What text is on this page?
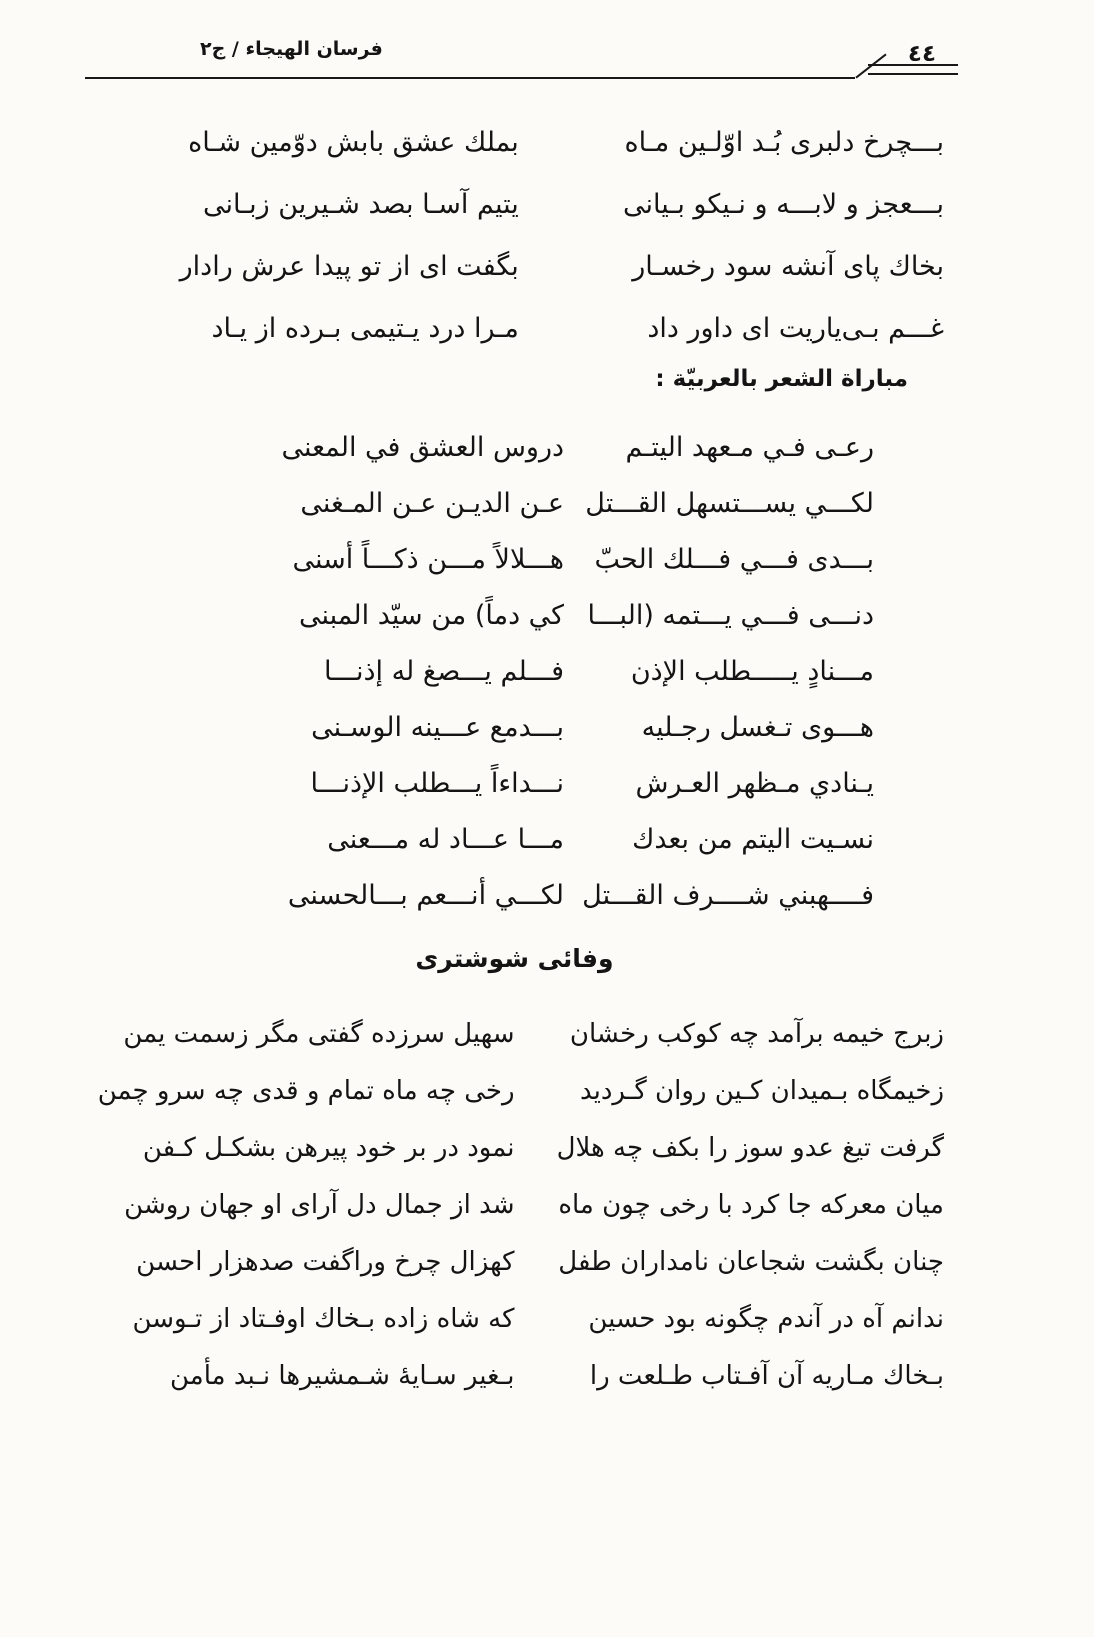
فرسان الهيجاء / ج٢	٤٤
بـــچرخ دلبرى بُـد اوّلـين مـاه
بملك عشق بابش دوّمين شـاه
بـــعجز و لابـــه و نـيكو بـيانى
يتيم آسـا بصد شـيرين زبـانى
بخاك پاى آنشه سود رخسـار
بگفت اى از تو پيدا عرش رادار
غـــم بـى‌ياريت اى داور داد
مـرا درد يـتيمى بـرده از يـاد
مباراة الشعر بالعربيّة :
رعـى فـي مـعهد اليتـم
دروس العشق في المعنى
لكـــي يســـتسهل القـــتل
عـن الديـن عـن المـغنى
بـــدى فـــي فـــلك الحبّ
هـــلالاً مـــن ذكـــاً أسنى
دنـــى فـــي يـــتمه (البـــا
كي دماً) من سيّد المبنى
مـــنادٍ يـــــطلب الإذن
فـــلم يـــصغ له إذنـــا
هـــوى تـغسل رجـليه
بـــدمع عـــينه الوسـنى
يـنادي مـظهر العـرش
نـــداءاً يـــطلب الإذنـــا
نسـيت اليتم من بعدك
مـــا عـــاد له مـــعنى
فــــهبني شــــرف القـــتل
لكـــي أنـــعم بـــالحسنى
وفائى شوشترى
زبرج خيمه برآمد چه كوكب رخشان
سهيل سرزده گفتى مگر زسمت يمن
زخيمگاه بـميدان كـين روان گـرديد
رخى چه ماه تمام و قدى چه سرو چمن
گرفت تيغ عدو سوز را بكف چه هلال
نمود در بر خود پيرهن بشكـل كـفن
ميان معركه جا كرد با رخى چون ماه
شد از جمال دل آراى او جهان روشن
چنان بگشت شجاعان نامداران طفل
كهزال چرخ وراگفت صدهزار احسن
ندانم آه در آندم چگونه بود حسين
كه شاه زاده بـخاك اوفـتاد از تـوسن
بـخاك مـاريه آن آفـتاب طـلعت را
بـغير سـايۀ شـمشيرها نـبد مأمن
